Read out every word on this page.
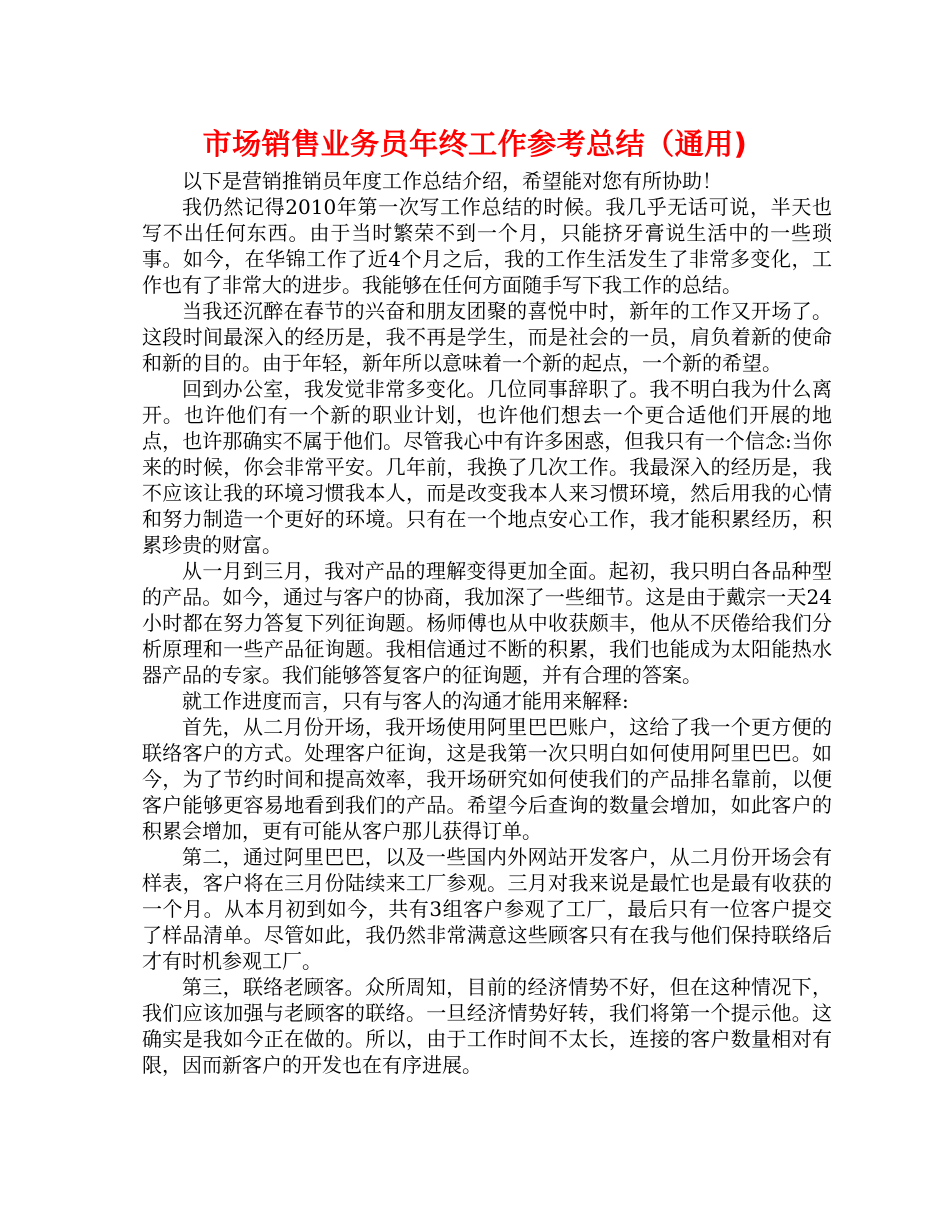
市场销售业务员年终工作参考总结（通用)

以下是营销推销员年度工作总结介绍，希望能对您有所协助！

我仍然记得2010年第一次写工作总结的时候。我几乎无话可说，半天也写不出任何东西。由于当时繁荣不到一个月，只能挤牙膏说生活中的一些琐事。如今，在华锦工作了近4个月之后，我的工作生活发生了非常多变化，工作也有了非常大的进步。我能够在任何方面随手写下我工作的总结。

当我还沉醉在春节的兴奋和朋友团聚的喜悦中时，新年的工作又开场了。这段时间最深入的经历是，我不再是学生，而是社会的一员，肩负着新的使命和新的目的。由于年轻，新年所以意味着一个新的起点，一个新的希望。

回到办公室，我发觉非常多变化。几位同事辞职了。我不明白我为什么离开。也许他们有一个新的职业计划，也许他们想去一个更合适他们开展的地点，也许那确实不属于他们。尽管我心中有许多困惑，但我只有一个信念:当你来的时候，你会非常平安。几年前，我换了几次工作。我最深入的经历是，我不应该让我的环境习惯我本人，而是改变我本人来习惯环境，然后用我的心情和努力制造一个更好的环境。只有在一个地点安心工作，我才能积累经历，积累珍贵的财富。

从一月到三月，我对产品的理解变得更加全面。起初，我只明白各品种型的产品。如今，通过与客户的协商，我加深了一些细节。这是由于戴宗一天24小时都在努力答复下列征询题。杨师傅也从中收获颇丰，他从不厌倦给我们分析原理和一些产品征询题。我相信通过不断的积累，我们也能成为太阳能热水器产品的专家。我们能够答复客户的征询题，并有合理的答案。

就工作进度而言，只有与客人的沟通才能用来解释:

首先，从二月份开场，我开场使用阿里巴巴账户，这给了我一个更方便的联络客户的方式。处理客户征询，这是我第一次只明白如何使用阿里巴巴。如今，为了节约时间和提高效率，我开场研究如何使我们的产品排名靠前，以便客户能够更容易地看到我们的产品。希望今后查询的数量会增加，如此客户的积累会增加，更有可能从客户那儿获得订单。

第二，通过阿里巴巴，以及一些国内外网站开发客户，从二月份开场会有样表，客户将在三月份陆续来工厂参观。三月对我来说是最忙也是最有收获的一个月。从本月初到如今，共有3组客户参观了工厂，最后只有一位客户提交了样品清单。尽管如此，我仍然非常满意这些顾客只有在我与他们保持联络后才有时机参观工厂。

第三，联络老顾客。众所周知，目前的经济情势不好，但在这种情况下，我们应该加强与老顾客的联络。一旦经济情势好转，我们将第一个提示他。这确实是我如今正在做的。所以，由于工作时间不太长，连接的客户数量相对有限，因而新客户的开发也在有序进展。
